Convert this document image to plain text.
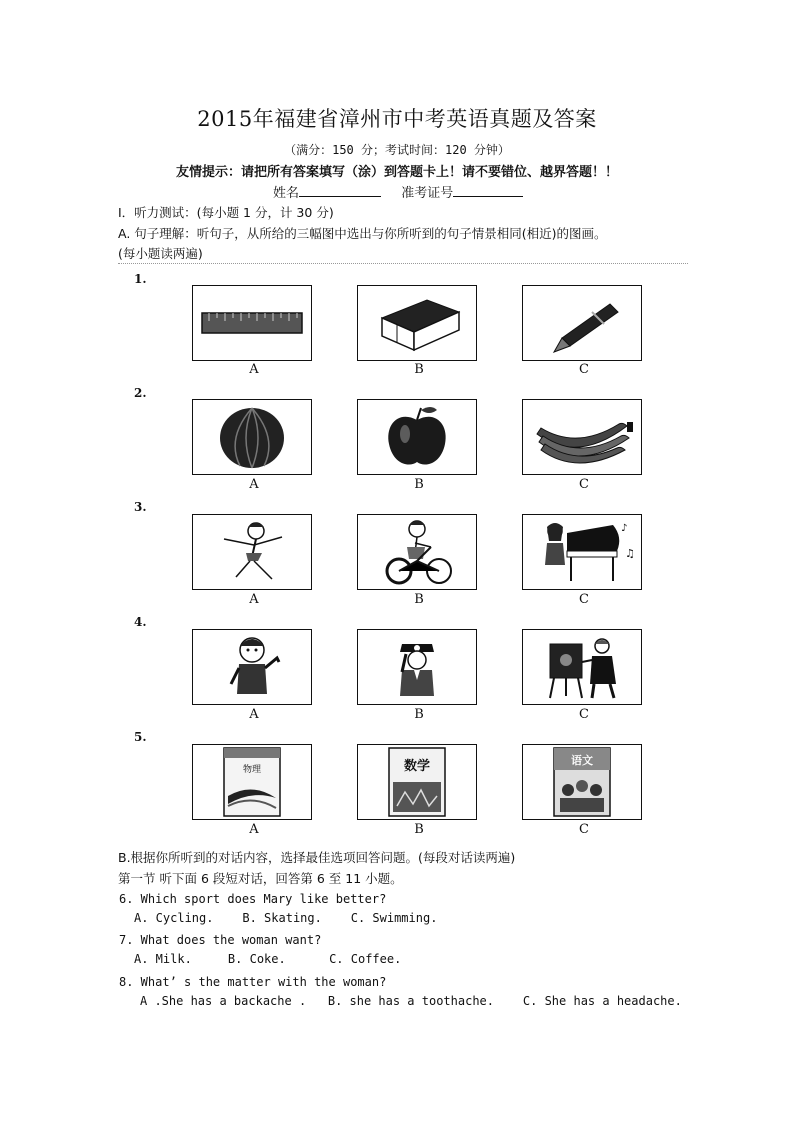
2015年福建省漳州市中考英语真题及答案
（满分：150 分；考试时间：120 分钟）
友情提示：请把所有答案填写（涂）到答题卡上！请不要错位、越界答题！！
姓名	准考证号
Ⅰ．听力测试：(每小题 1 分，计 30 分)
A. 句子理解：听句子，从所给的三幅图中选出与你所听到的句子情景相同(相近)的图画。
(每小题读两遍)
1.
A	B	C
2.
A	B	C
3.
♪
♫
A	B	C
4.
A	B	C
5.
物理	数学	语文
A	B	C
B.根据你所听到的对话内容，选择最佳选项回答问题。(每段对话读两遍)
第一节 听下面 6 段短对话，回答第 6 至 11 小题。
6. Which sport does Mary like better?
A. Cycling.    B. Skating.    C. Swimming.
7. What does the woman want?
A. Milk.     B. Coke.      C. Coffee.
8. What’ s the matter with the woman?
A .She has a backache .   B. she has a toothache.    C. She has a headache.
